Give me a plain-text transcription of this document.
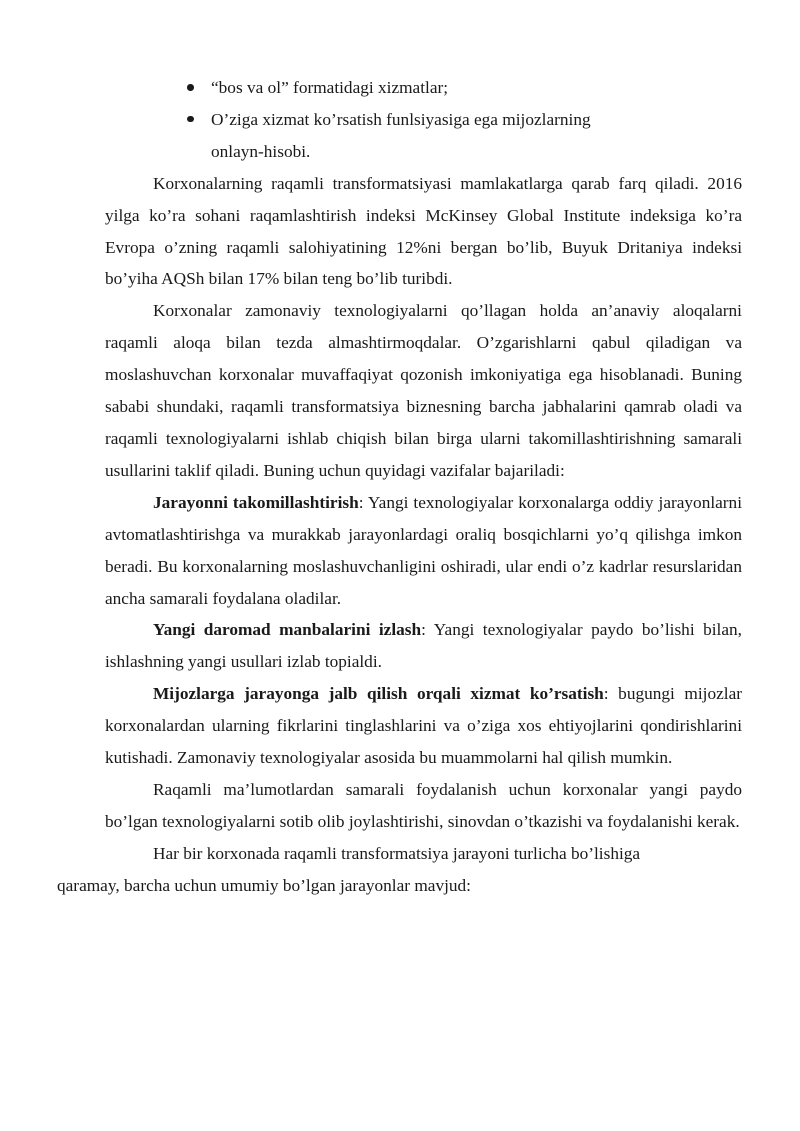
“bos va ol” formatidagi xizmatlar;
O’ziga xizmat ko’rsatish funlsiyasiga ega mijozlarning onlayn-hisobi.

Korxonalarning raqamli transformatsiyasi mamlakatlarga qarab farq qiladi. 2016 yilga ko’ra sohani raqamlashtirish indeksi McKinsey Global Institute indeksiga ko’ra Evropa o’zning raqamli salohiyatining 12%ni bergan bo’lib, Buyuk Dritaniya indeksi bo’yiha AQSh bilan 17% bilan teng bo’lib turibdi.

Korxonalar zamonaviy texnologiyalarni qo’llagan holda an’anaviy aloqalarni raqamli aloqa bilan tezda almashtirmoqdalar. O’zgarishlarni qabul qiladigan va moslashuvchan korxonalar muvaffaqiyat qozonish imkoniyatiga ega hisoblanadi. Buning sababi shundaki, raqamli transformatsiya biznesning barcha jabhalarini qamrab oladi va raqamli texnologiyalarni ishlab chiqish bilan birga ularni takomillashtirishning samarali usullarini taklif qiladi. Buning uchun quyidagi vazifalar bajariladi:

Jarayonni takomillashtirish: Yangi texnologiyalar korxonalarga oddiy jarayonlarni avtomatlashtirishga va murakkab jarayonlardagi oraliq bosqichlarni yo’q qilishga imkon beradi. Bu korxonalarning moslashuvchanligini oshiradi, ular endi o’z kadrlar resurslaridan ancha samarali foydalana oladilar.

Yangi daromad manbalarini izlash: Yangi texnologiyalar paydo bo’lishi bilan, ishlashning yangi usullari izlab topialdi.

Mijozlarga jarayonga jalb qilish orqali xizmat ko’rsatish: bugungi mijozlar korxonalardan ularning fikrlarini tinglashlarini va o’ziga xos ehtiyojlarini qondirishlarini kutishadi. Zamonaviy texnologiyalar asosida bu muammolarni hal qilish mumkin.

Raqamli ma’lumotlardan samarali foydalanish uchun korxonalar yangi paydo bo’lgan texnologiyalarni sotib olib joylashtirishi, sinovdan o’tkazishi va foydalanishi kerak.

Har bir korxonada raqamli transformatsiya jarayoni turlicha bo’lishiga
qaramay, barcha uchun umumiy bo’lgan jarayonlar mavjud:
